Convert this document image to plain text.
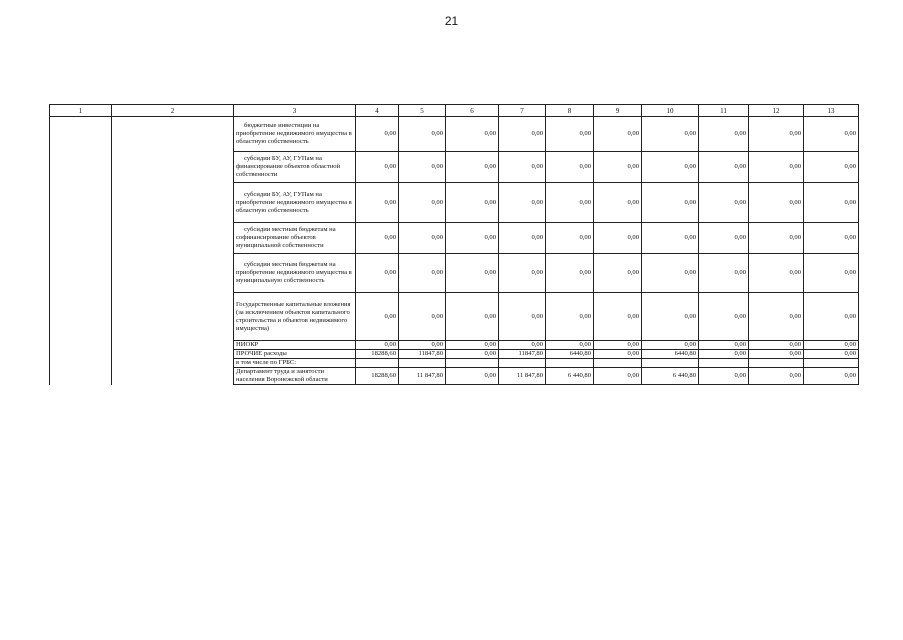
21
1	2	3	4	5	6	7	8	9	10	11	12	13
		бюджетные инвестиции на приобретение недвижимого имущества в областную собственность	0,00	0,00	0,00	0,00	0,00	0,00	0,00	0,00	0,00	0,00
		субсидии БУ, АУ, ГУПам на финансирование объектов областной собственности	0,00	0,00	0,00	0,00	0,00	0,00	0,00	0,00	0,00	0,00
		субсидии БУ, АУ, ГУПам на приобретение недвижимого имущества в областную собственность	0,00	0,00	0,00	0,00	0,00	0,00	0,00	0,00	0,00	0,00
		субсидии местным бюджетам на софинансирование объектов муниципальной собственности	0,00	0,00	0,00	0,00	0,00	0,00	0,00	0,00	0,00	0,00
		субсидии местным бюджетам на приобретение недвижимого имущества в муниципальную собственность	0,00	0,00	0,00	0,00	0,00	0,00	0,00	0,00	0,00	0,00
		Государственные капитальные вложения (за исключением объектов капитального строительства и объектов недвижимого имущества)	0,00	0,00	0,00	0,00	0,00	0,00	0,00	0,00	0,00	0,00
		НИОКР	0,00	0,00	0,00	0,00	0,00	0,00	0,00	0,00	0,00	0,00
		ПРОЧИЕ расходы	18288,60	11847,80	0,00	11847,80	6440,80	0,00	6440,80	0,00	0,00	0,00
		в том числе по ГРБС:										
		Департамент труда и занятости населения Воронежской области	18288,60	11 847,80	0,00	11 847,80	6 440,80	0,00	6 440,80	0,00	0,00	0,00
